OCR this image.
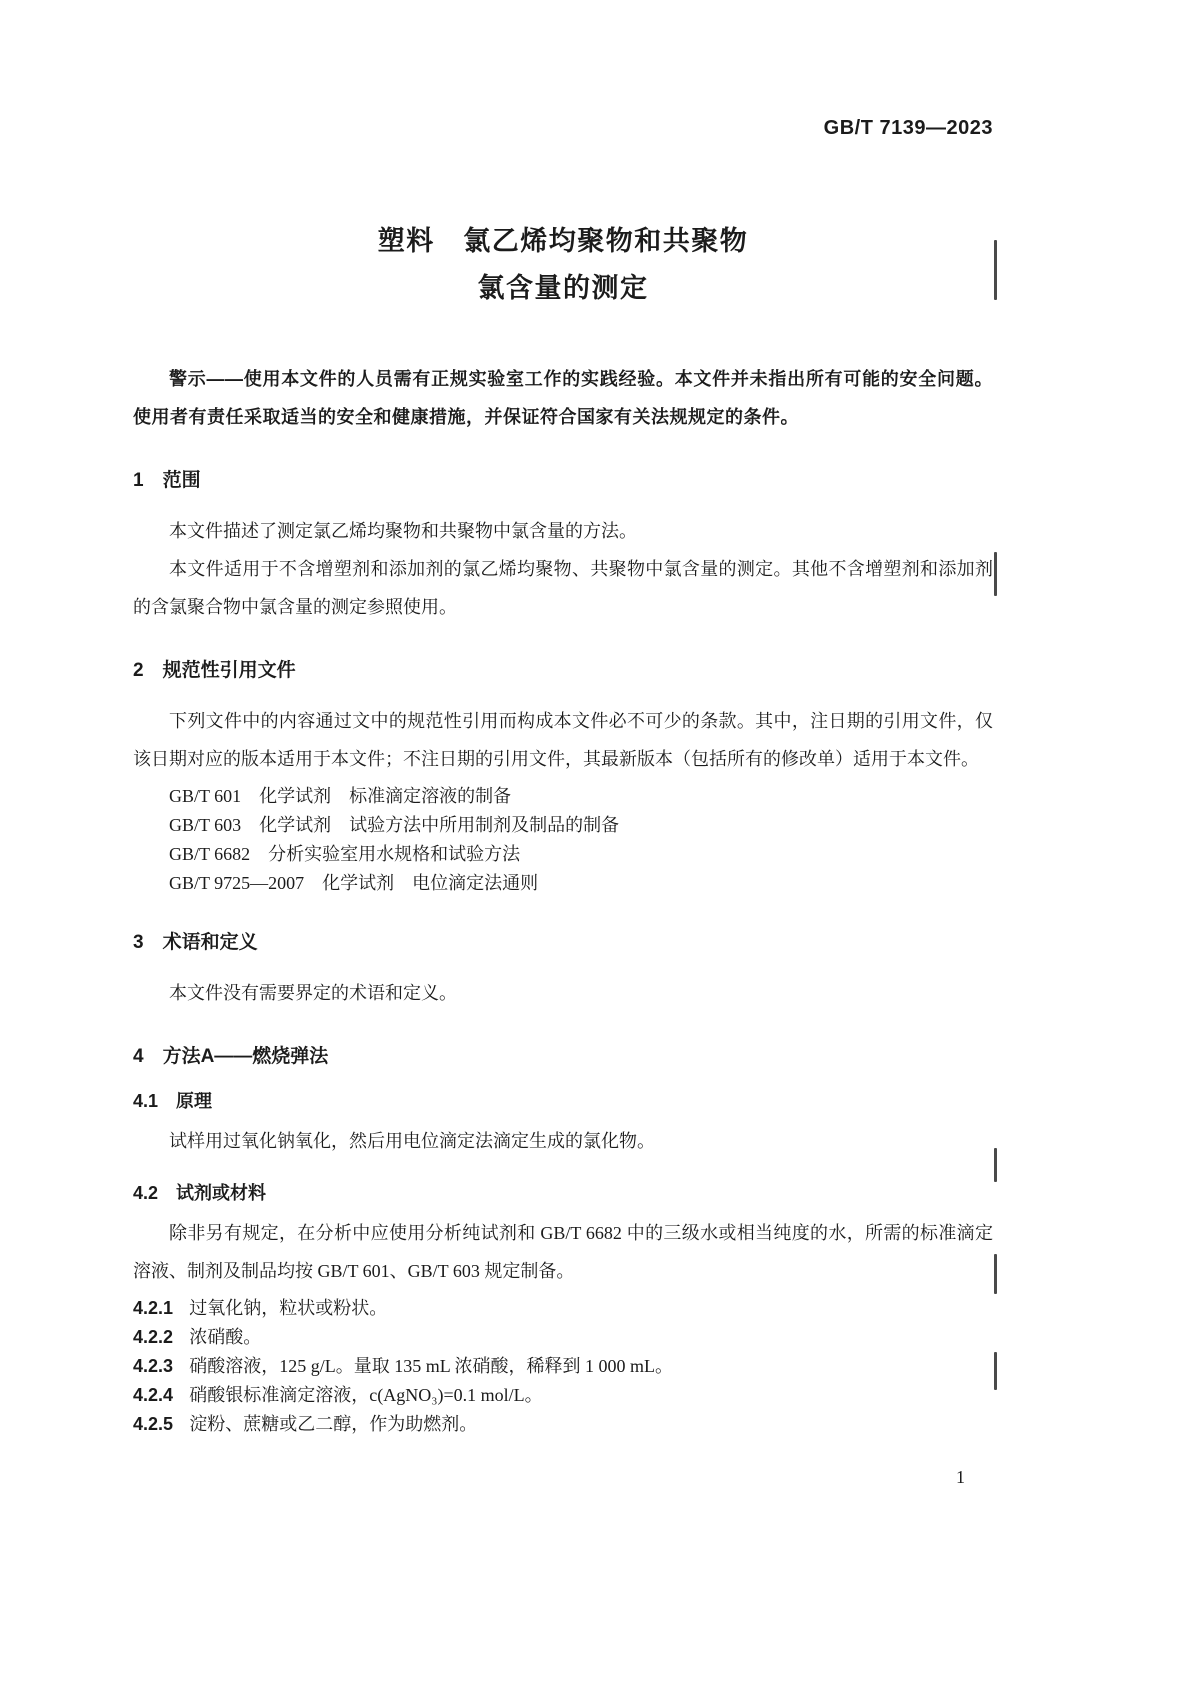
GB/T 7139—2023
塑料　氯乙烯均聚物和共聚物
氯含量的测定

警示——使用本文件的人员需有正规实验室工作的实践经验。本文件并未指出所有可能的安全问题。使用者有责任采取适当的安全和健康措施，并保证符合国家有关法规规定的条件。

1　范围

本文件描述了测定氯乙烯均聚物和共聚物中氯含量的方法。

本文件适用于不含增塑剂和添加剂的氯乙烯均聚物、共聚物中氯含量的测定。其他不含增塑剂和添加剂的含氯聚合物中氯含量的测定参照使用。

2　规范性引用文件

下列文件中的内容通过文中的规范性引用而构成本文件必不可少的条款。其中，注日期的引用文件，仅该日期对应的版本适用于本文件；不注日期的引用文件，其最新版本（包括所有的修改单）适用于本文件。

GB/T 601　化学试剂　标准滴定溶液的制备
GB/T 603　化学试剂　试验方法中所用制剂及制品的制备
GB/T 6682　分析实验室用水规格和试验方法
GB/T 9725—2007　化学试剂　电位滴定法通则
3　术语和定义

本文件没有需要界定的术语和定义。

4　方法A——燃烧弹法
4.1　原理

试样用过氧化钠氧化，然后用电位滴定法滴定生成的氯化物。

4.2　试剂或材料

除非另有规定，在分析中应使用分析纯试剂和 GB/T 6682 中的三级水或相当纯度的水，所需的标准滴定溶液、制剂及制品均按 GB/T 601、GB/T 603 规定制备。

4.2.1 过氧化钠，粒状或粉状。

4.2.2 浓硝酸。

4.2.3 硝酸溶液，125 g/L。量取 135 mL 浓硝酸，稀释到 1 000 mL。

4.2.4 硝酸银标准滴定溶液，c(AgNO₃)=0.1 mol/L。

4.2.5 淀粉、蔗糖或乙二醇，作为助燃剂。

1
